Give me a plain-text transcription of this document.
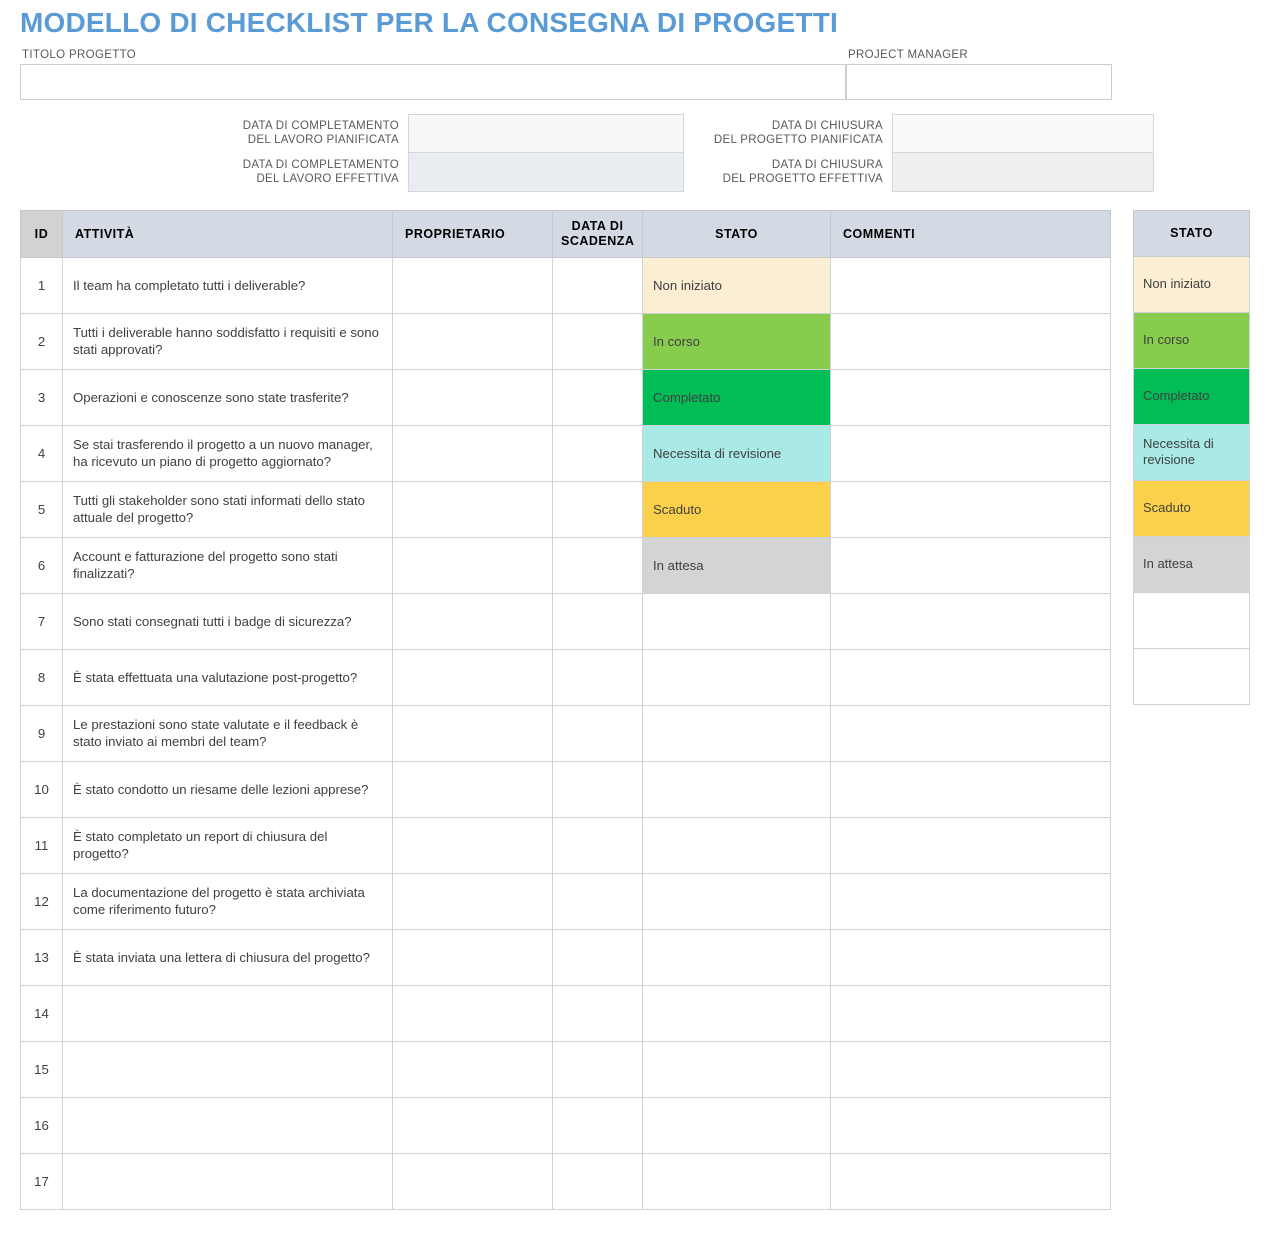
MODELLO DI CHECKLIST PER LA CONSEGNA DI PROGETTI
TITOLO PROGETTO	PROJECT MANAGER
DATA DI COMPLETAMENTO
DEL LAVORO PIANIFICATA
DATA DI COMPLETAMENTO
DEL LAVORO EFFETTIVA
DATA DI CHIUSURA
DEL PROGETTO PIANIFICATA
DATA DI CHIUSURA
DEL PROGETTO EFFETTIVA
ID	ATTIVITÀ	PROPRIETARIO	DATA DI
SCADENZA	STATO	COMMENTI
1	Il team ha completato tutti i deliverable?			Non iniziato	
2	Tutti i deliverable hanno soddisfatto i requisiti e sono stati approvati?			In corso	
3	Operazioni e conoscenze sono state trasferite?			Completato	
4	Se stai trasferendo il progetto a un nuovo manager, ha ricevuto un piano di progetto aggiornato?			Necessita di revisione	
5	Tutti gli stakeholder sono stati informati dello stato attuale del progetto?			Scaduto	
6	Account e fatturazione del progetto sono stati finalizzati?			In attesa	
7	Sono stati consegnati tutti i badge di sicurezza?				
8	È stata effettuata una valutazione post-progetto?				
9	Le prestazioni sono state valutate e il feedback è stato inviato ai membri del team?				
10	È stato condotto un riesame delle lezioni apprese?				
11	È stato completato un report di chiusura del progetto?				
12	La documentazione del progetto è stata archiviata come riferimento futuro?				
13	È stata inviata una lettera di chiusura del progetto?				
14					
15					
16					
17					
STATO
Non iniziato
In corso
Completato
Necessita di revisione
Scaduto
In attesa
